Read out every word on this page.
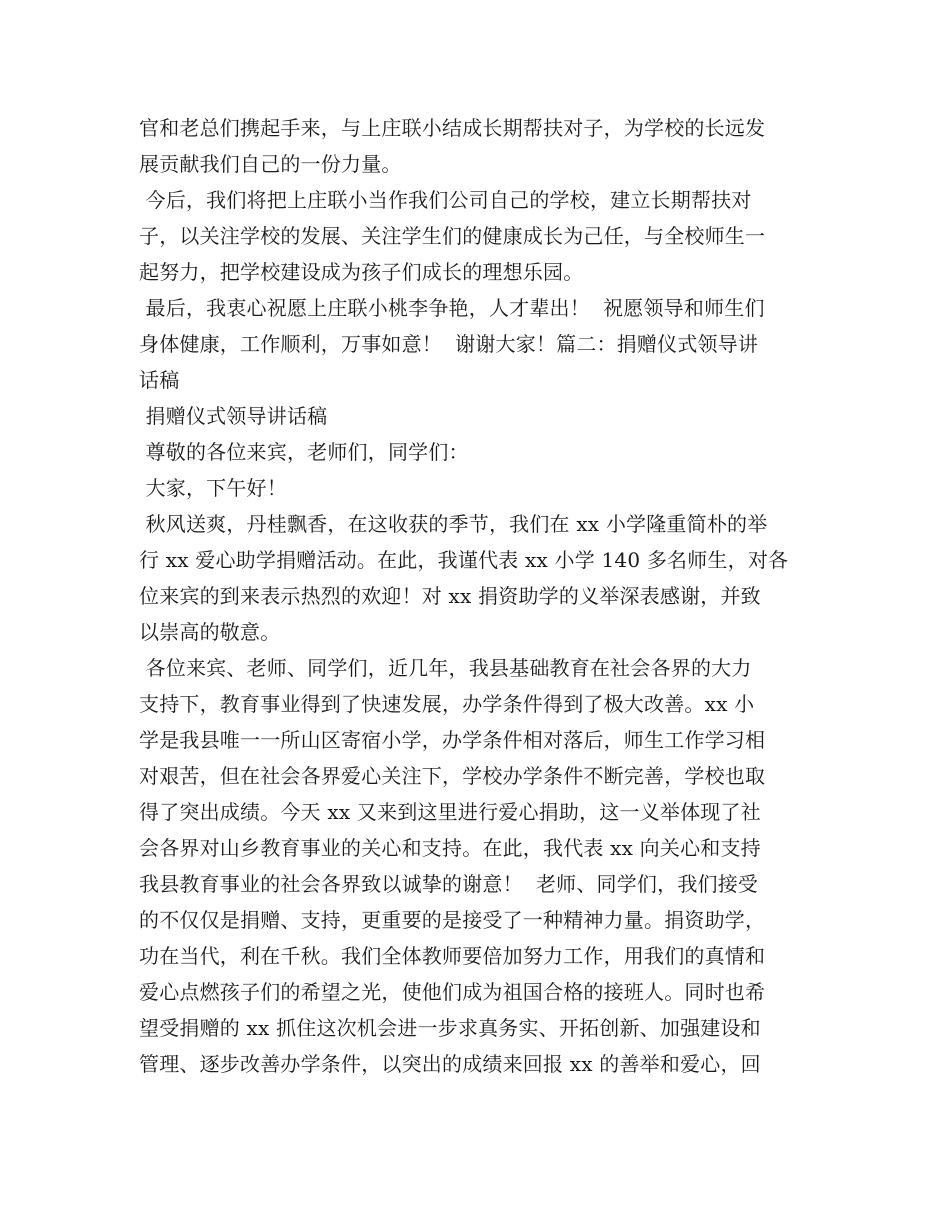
官和老总们携起手来，与上庄联小结成长期帮扶对子，为学校的长远发
展贡献我们自己的一份力量。
今后，我们将把上庄联小当作我们公司自己的学校，建立长期帮扶对
子，以关注学校的发展、关注学生们的健康成长为己任，与全校师生一
起努力，把学校建设成为孩子们成长的理想乐园。
最后，我衷心祝愿上庄联小桃李争艳，人才辈出！  祝愿领导和师生们
身体健康，工作顺利，万事如意！  谢谢大家！篇二：捐赠仪式领导讲
话稿
捐赠仪式领导讲话稿
尊敬的各位来宾，老师们，同学们：
大家，下午好！
秋风送爽，丹桂飘香，在这收获的季节，我们在 xx 小学隆重简朴的举
行 xx 爱心助学捐赠活动。在此，我谨代表 xx 小学 140 多名师生，对各
位来宾的到来表示热烈的欢迎！对 xx 捐资助学的义举深表感谢，并致
以崇高的敬意。
各位来宾、老师、同学们，近几年，我县基础教育在社会各界的大力
支持下，教育事业得到了快速发展，办学条件得到了极大改善。xx 小
学是我县唯一一所山区寄宿小学，办学条件相对落后，师生工作学习相
对艰苦，但在社会各界爱心关注下，学校办学条件不断完善，学校也取
得了突出成绩。今天 xx 又来到这里进行爱心捐助，这一义举体现了社
会各界对山乡教育事业的关心和支持。在此，我代表 xx 向关心和支持
我县教育事业的社会各界致以诚挚的谢意！  老师、同学们，我们接受
的不仅仅是捐赠、支持，更重要的是接受了一种精神力量。捐资助学，
功在当代，利在千秋。我们全体教师要倍加努力工作，用我们的真情和
爱心点燃孩子们的希望之光，使他们成为祖国合格的接班人。同时也希
望受捐赠的 xx 抓住这次机会进一步求真务实、开拓创新、加强建设和
管理、逐步改善办学条件，以突出的成绩来回报 xx 的善举和爱心，回
